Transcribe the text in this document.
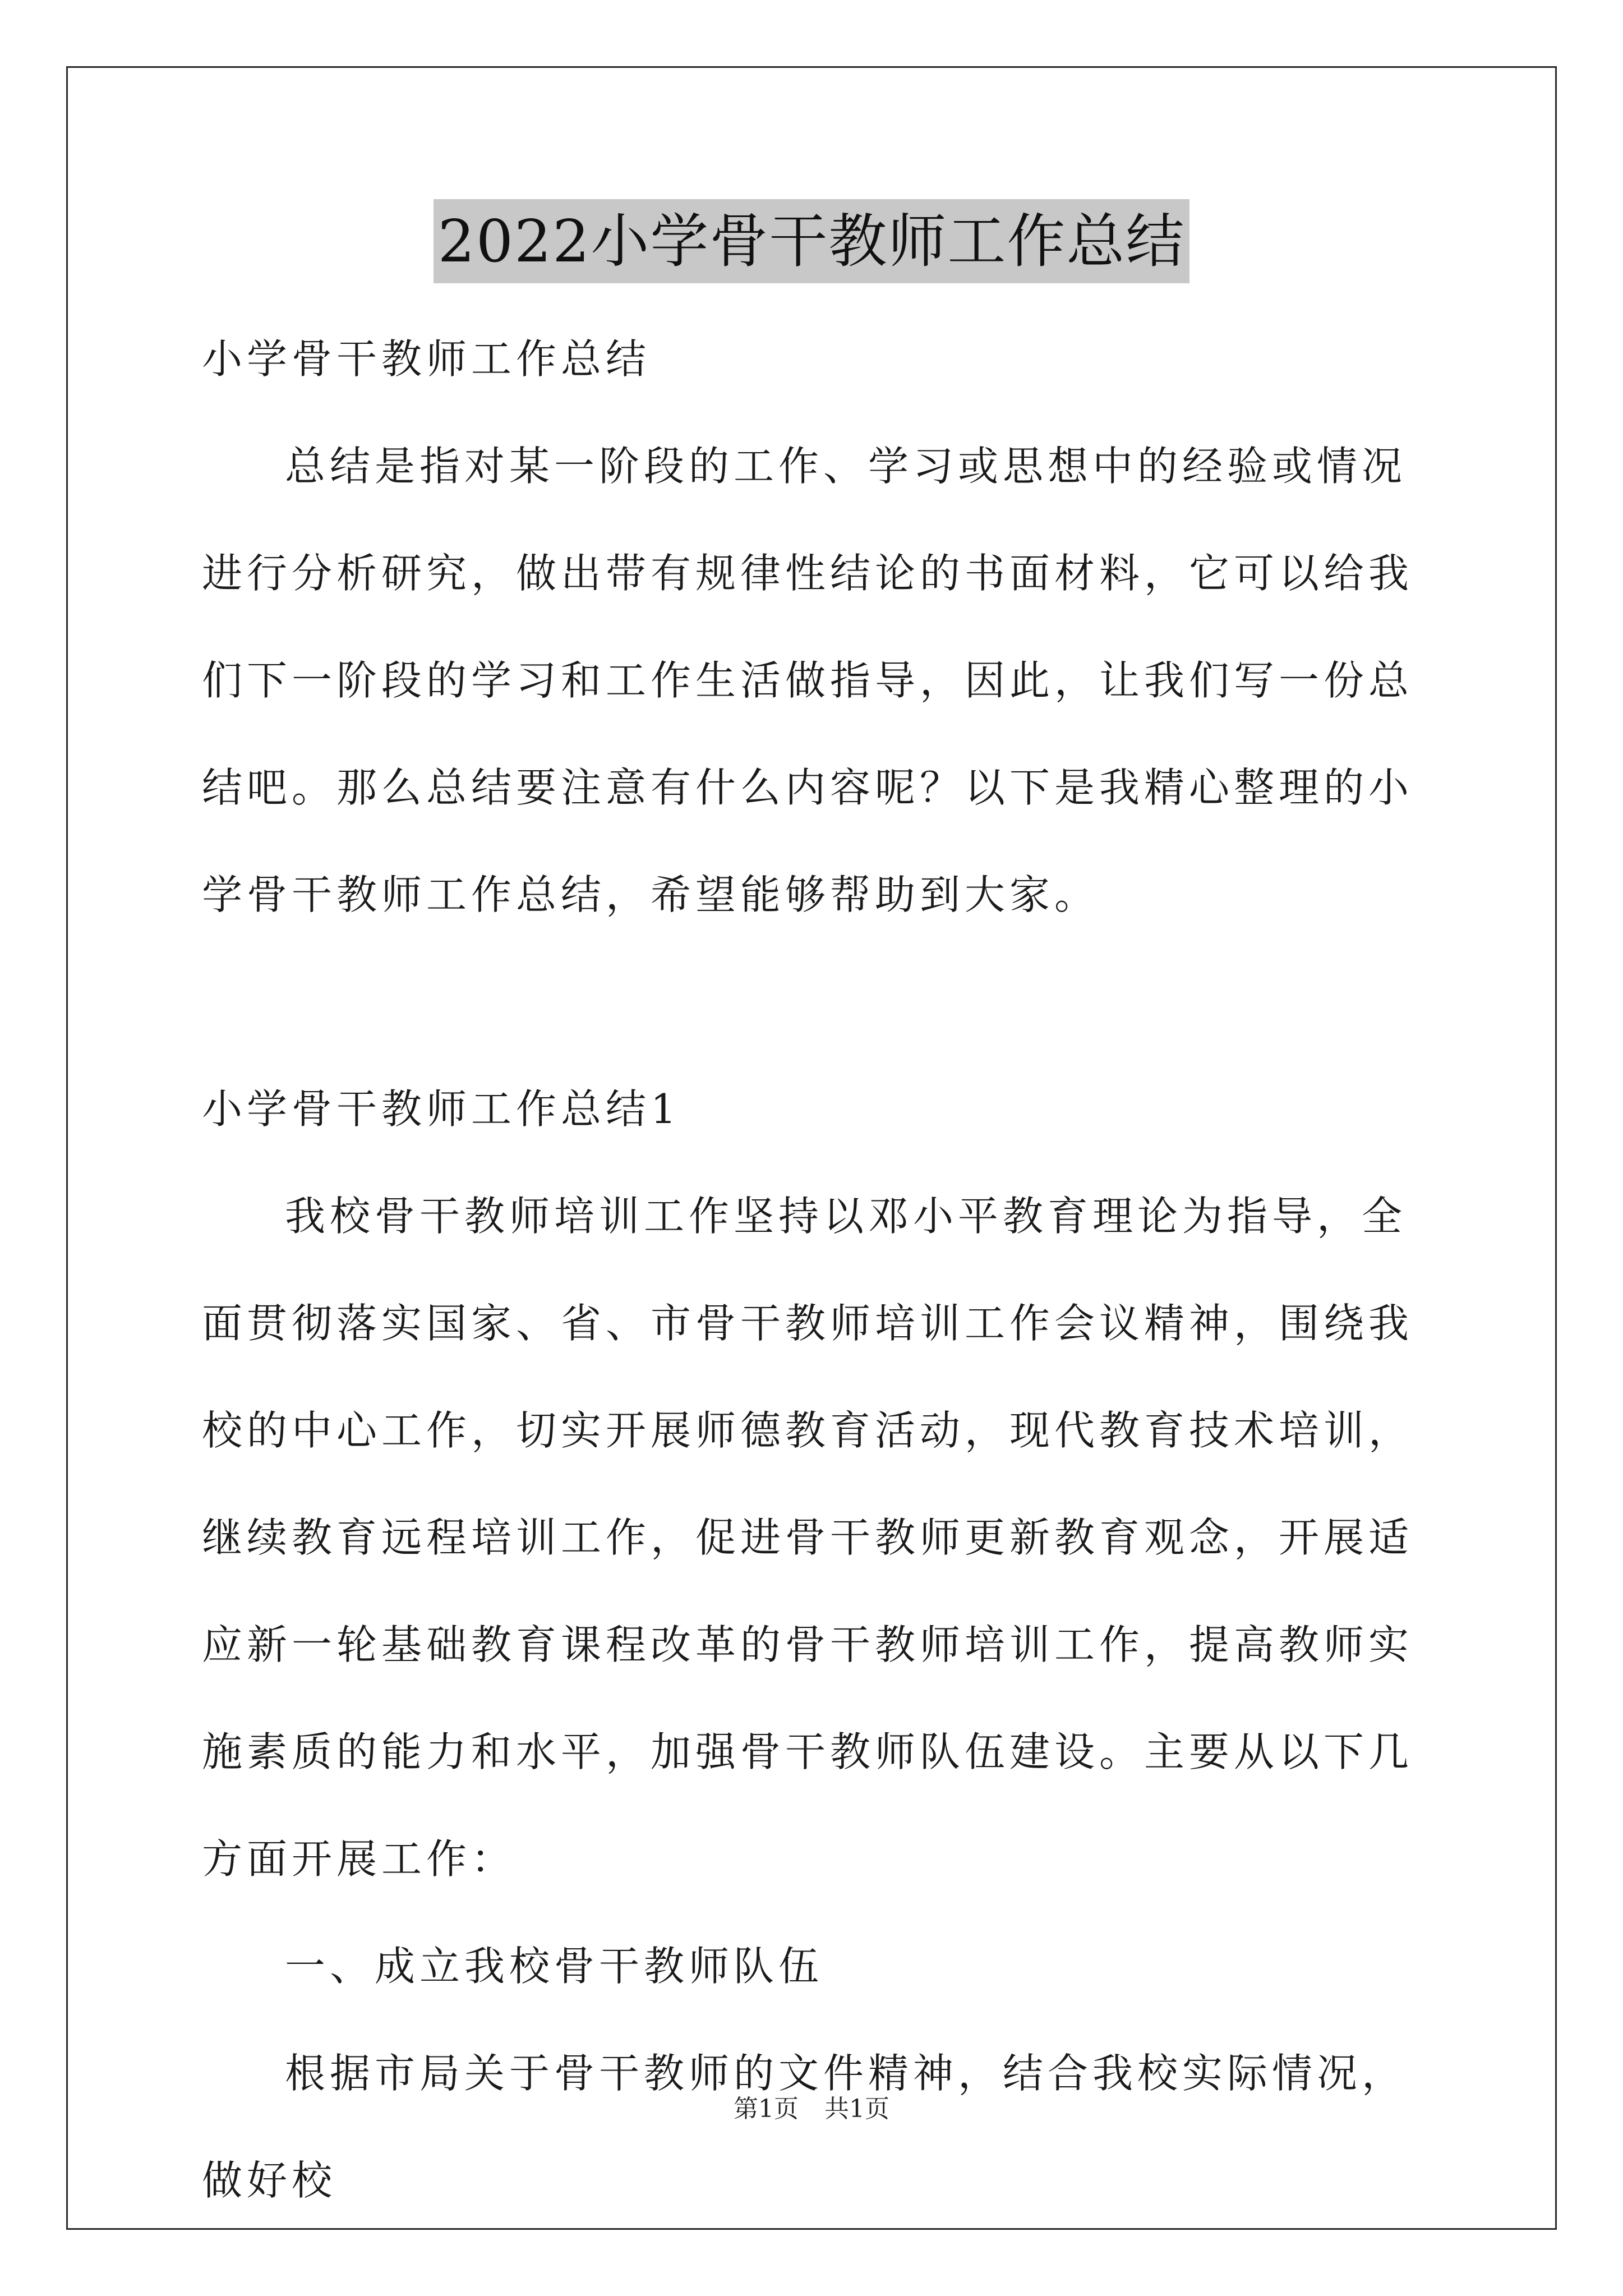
2022小学骨干教师工作总结

小学骨干教师工作总结

总结是指对某一阶段的工作、学习或思想中的经验或情况进行分析研究，做出带有规律性结论的书面材料，它可以给我们下一阶段的学习和工作生活做指导，因此，让我们写一份总结吧。那么总结要注意有什么内容呢？以下是我精心整理的小学骨干教师工作总结，希望能够帮助到大家。

小学骨干教师工作总结1

我校骨干教师培训工作坚持以邓小平教育理论为指导，全面贯彻落实国家、省、市骨干教师培训工作会议精神，围绕我校的中心工作，切实开展师德教育活动，现代教育技术培训，继续教育远程培训工作，促进骨干教师更新教育观念，开展适应新一轮基础教育课程改革的骨干教师培训工作，提高教师实施素质的能力和水平，加强骨干教师队伍建设。主要从以下几方面开展工作：

一、成立我校骨干教师队伍

根据市局关于骨干教师的文件精神，结合我校实际情况，做好校

第1页 共1页
